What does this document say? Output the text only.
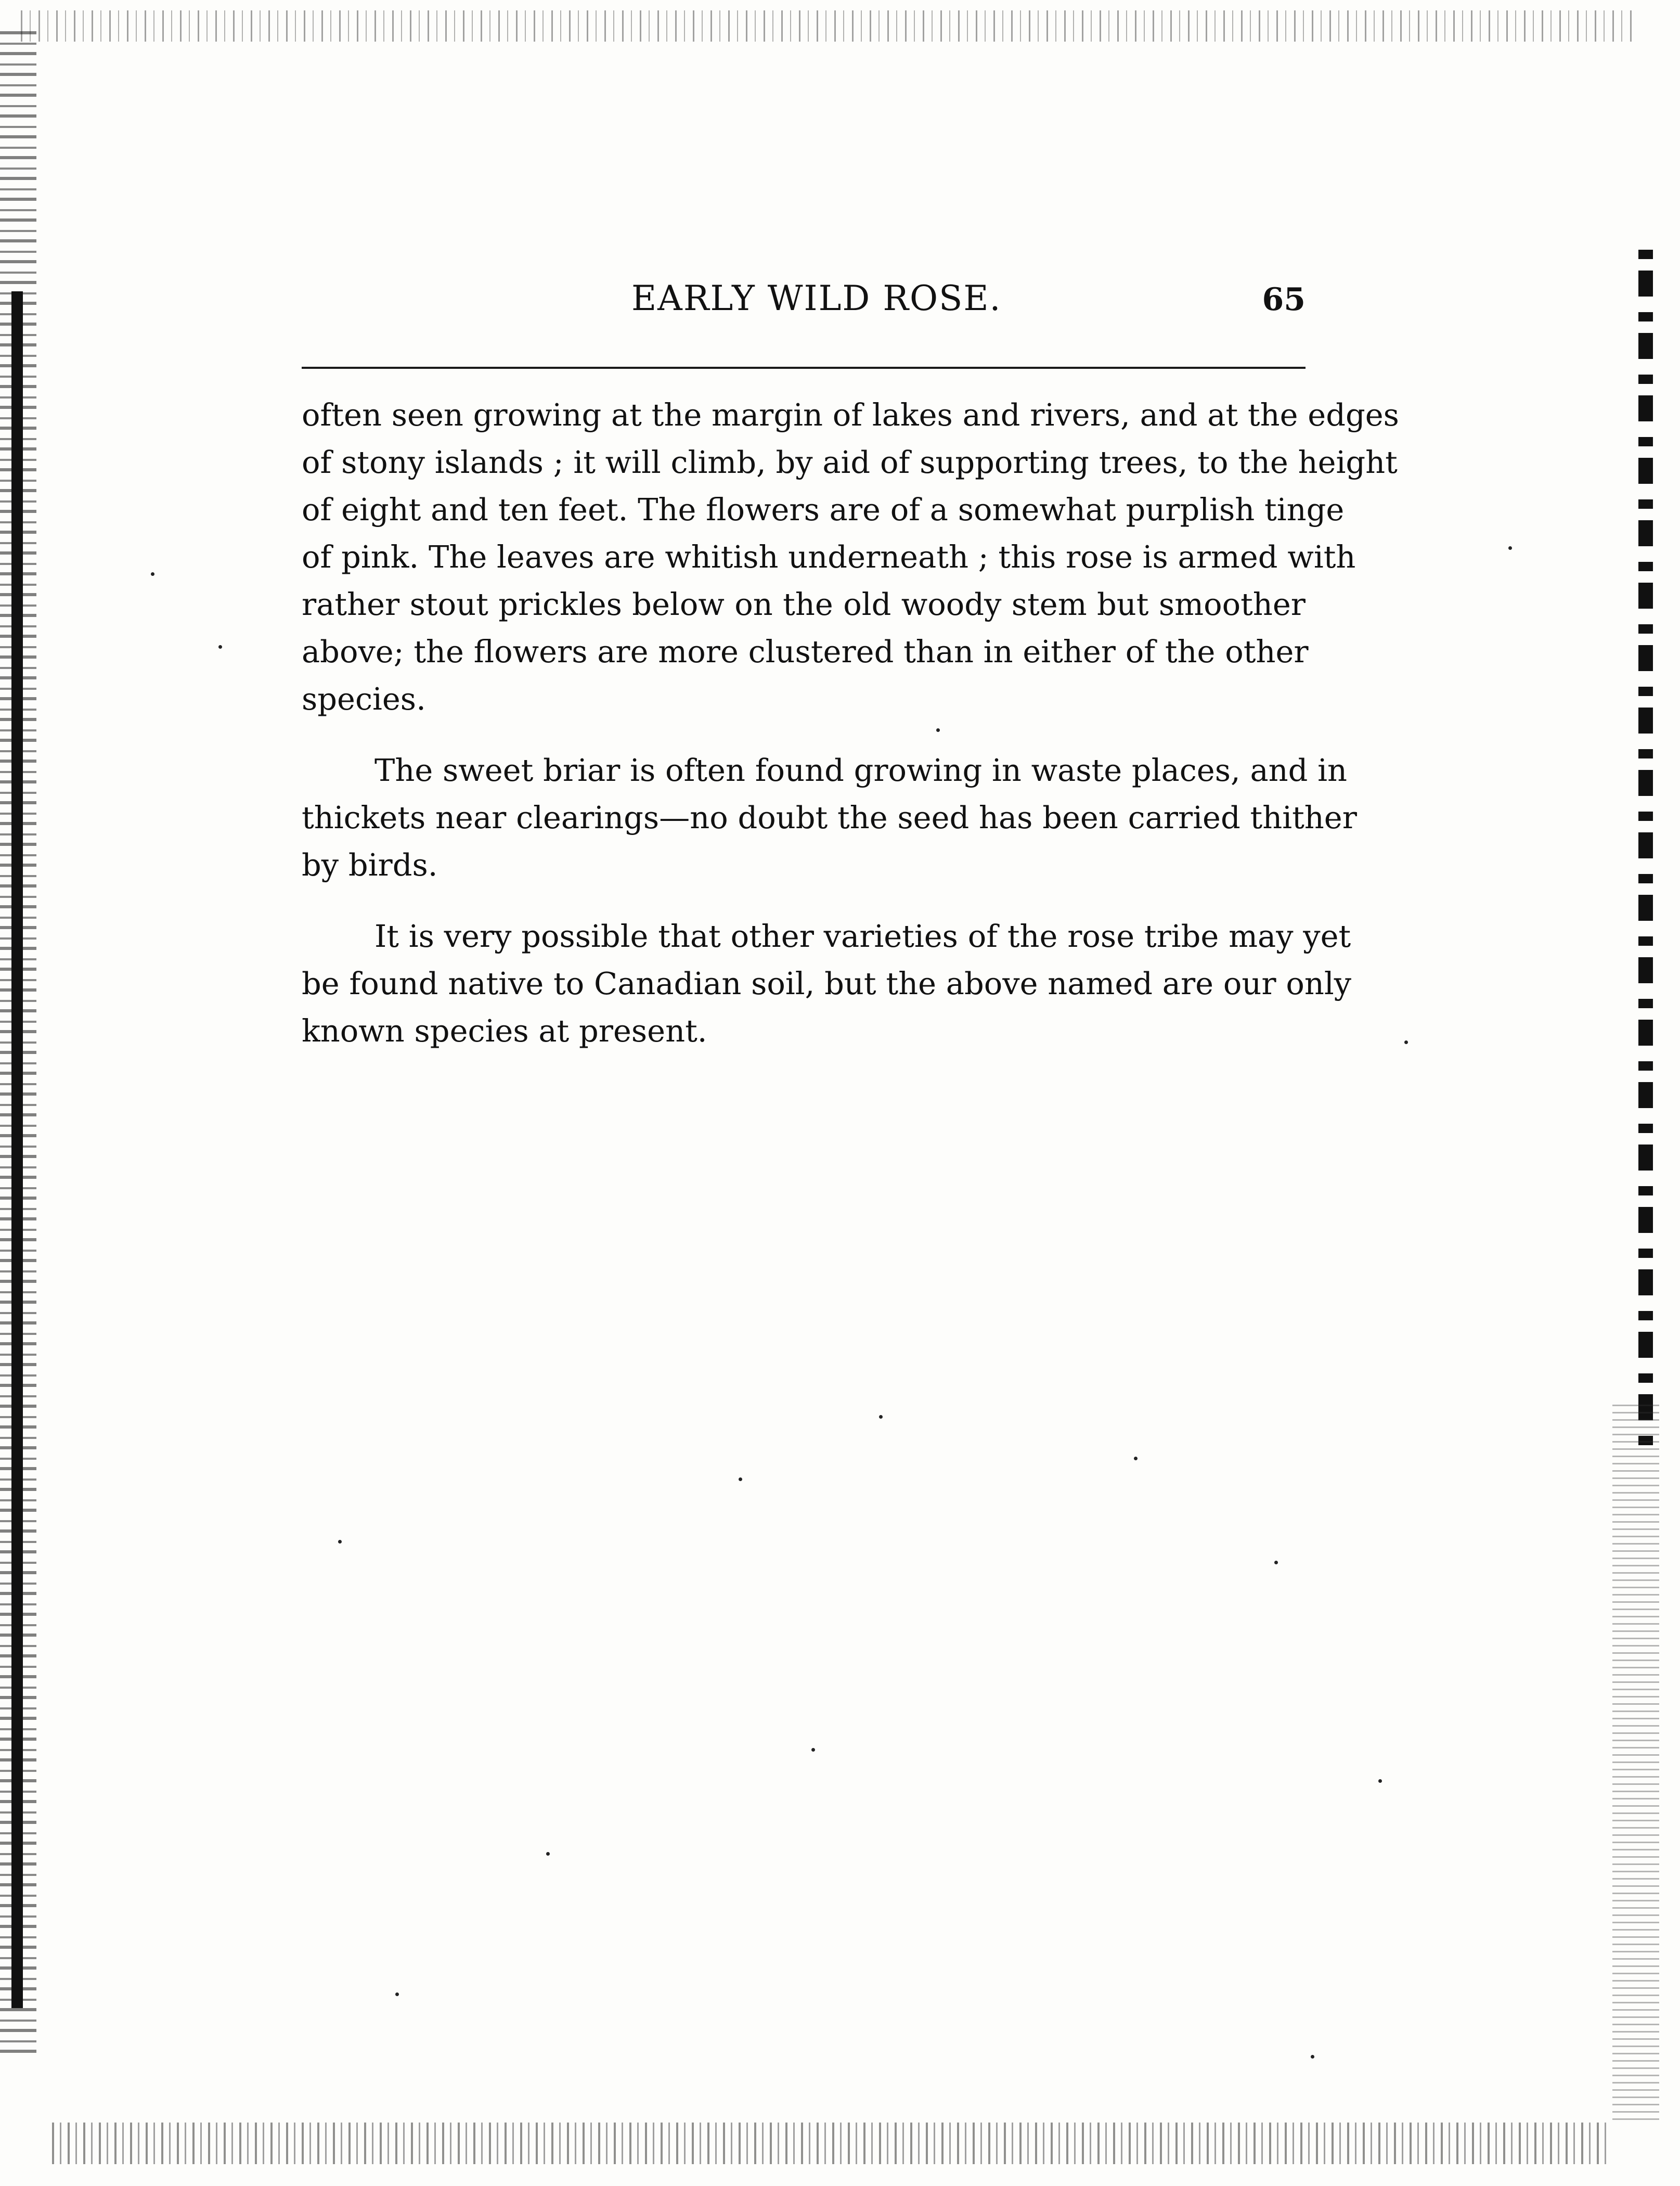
EARLY WILD ROSE.	65

often seen growing at the margin of lakes and rivers, and at the edges
of stony islands ; it will climb, by aid of supporting trees, to the height
of eight and ten feet. The flowers are of a somewhat purplish tinge
of pink. The leaves are whitish underneath ; this rose is armed with
rather stout prickles below on the old woody stem but smoother
above; the flowers are more clustered than in either of the other
species.

The sweet briar is often found growing in waste places, and in
thickets near clearings—no doubt the seed has been carried thither
by birds.

It is very possible that other varieties of the rose tribe may yet
be found native to Canadian soil, but the above named are our only
known species at present.
